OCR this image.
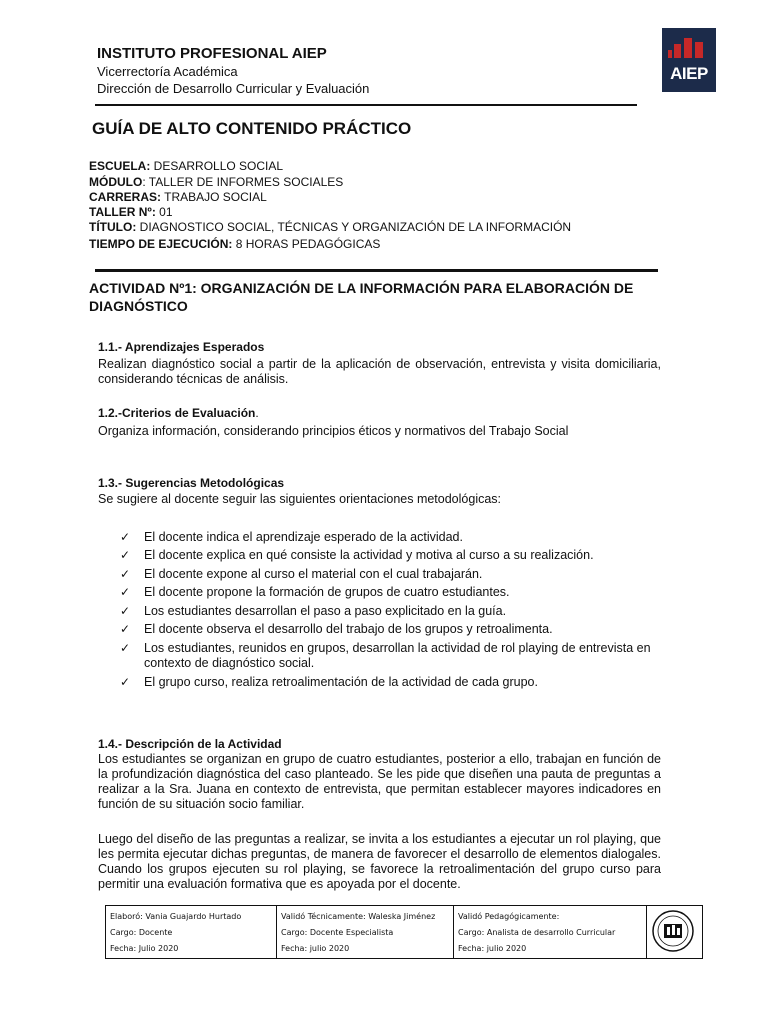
INSTITUTO PROFESIONAL AIEP
Vicerrectoría Académica
Dirección de Desarrollo Curricular y Evaluación
AIEP
GUÍA DE ALTO CONTENIDO PRÁCTICO
ESCUELA: DESARROLLO SOCIAL
MÓDULO: TALLER DE INFORMES SOCIALES
CARRERAS: TRABAJO SOCIAL
TALLER Nº: 01
TÍTULO: DIAGNOSTICO SOCIAL, TÉCNICAS Y ORGANIZACIÓN DE LA INFORMACIÓN
TIEMPO DE EJECUCIÓN: 8 HORAS PEDAGÓGICAS
ACTIVIDAD Nº1: ORGANIZACIÓN DE LA INFORMACIÓN PARA ELABORACIÓN DE DIAGNÓSTICO
1.1.- Aprendizajes Esperados
Realizan diagnóstico social a partir de la aplicación de observación, entrevista y visita domiciliaria, considerando técnicas de análisis.
1.2.-Criterios de Evaluación.
Organiza información, considerando principios éticos y normativos del Trabajo Social
1.3.- Sugerencias Metodológicas
Se sugiere al docente seguir las siguientes orientaciones metodológicas:
✓ El docente indica el aprendizaje esperado de la actividad.
✓ El docente explica en qué consiste la actividad y motiva al curso a su realización.
✓ El docente expone al curso el material con el cual trabajarán.
✓ El docente propone la formación de grupos de cuatro estudiantes.
✓ Los estudiantes desarrollan el paso a paso explicitado en la guía.
✓ El docente observa el desarrollo del trabajo de los grupos y retroalimenta.
✓ Los estudiantes, reunidos en grupos, desarrollan la actividad de rol playing de entrevista en contexto de diagnóstico social.
✓ El grupo curso, realiza retroalimentación de la actividad de cada grupo.
1.4.- Descripción de la Actividad
Los estudiantes se organizan en grupo de cuatro estudiantes, posterior a ello, trabajan en función de la profundización diagnóstica del caso planteado. Se les pide que diseñen una pauta de preguntas a realizar a la Sra. Juana en contexto de entrevista, que permitan establecer mayores indicadores en función de su situación socio familiar.
Luego del diseño de las preguntas a realizar, se invita a los estudiantes a ejecutar un rol playing, que les permita ejecutar dichas preguntas, de manera de favorecer el desarrollo de elementos dialogales. Cuando los grupos ejecuten su rol playing, se favorece la retroalimentación del grupo curso para permitir una evaluación formativa que es apoyada por el docente.
Elaboró: Vania Guajardo Hurtado
Cargo: Docente
Fecha: Julio 2020
Validó Técnicamente: Waleska Jiménez
Cargo: Docente Especialista
Fecha: julio 2020
Validó Pedagógicamente:
Cargo: Analista de desarrollo Curricular
Fecha: julio 2020
